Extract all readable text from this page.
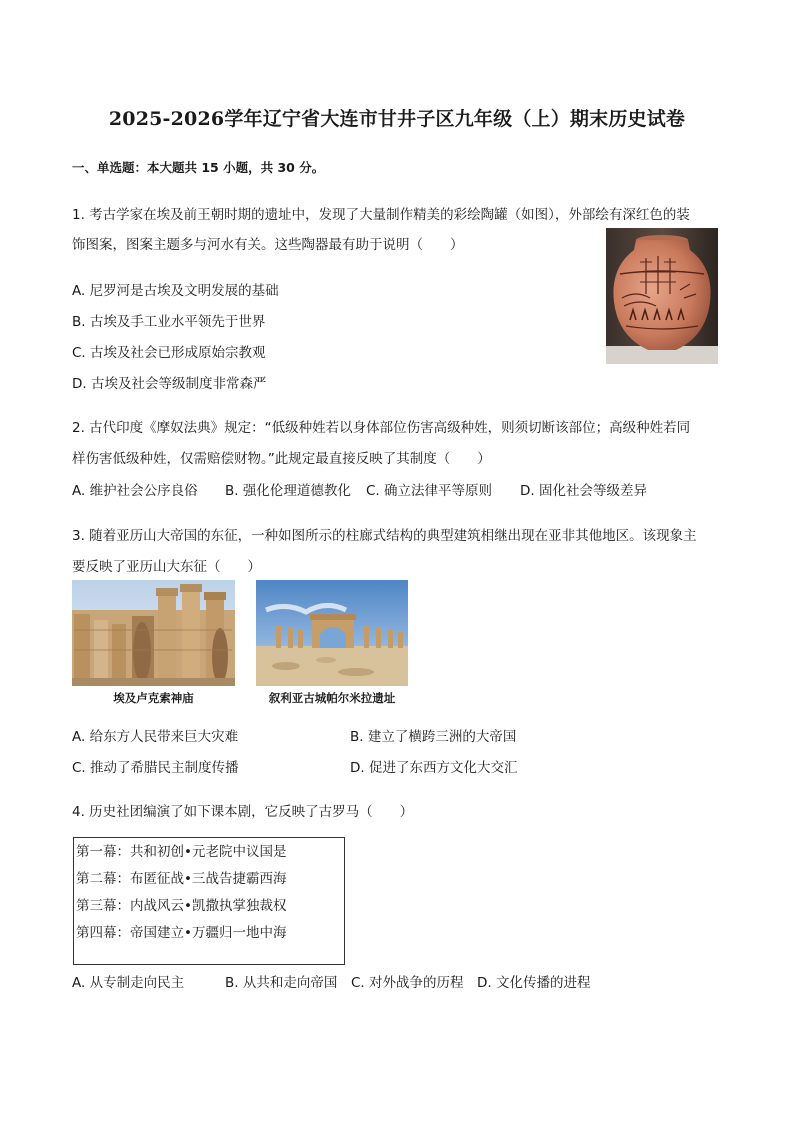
2025-2026学年辽宁省大连市甘井子区九年级（上）期末历史试卷
一、单选题：本大题共 15 小题，共 30 分。
1. 考古学家在埃及前王朝时期的遗址中，发现了大量制作精美的彩绘陶罐（如图），外部绘有深红色的装
饰图案，图案主题多与河水有关。这些陶器最有助于说明（　　）
A. 尼罗河是古埃及文明发展的基础
B. 古埃及手工业水平领先于世界
C. 古埃及社会已形成原始宗教观
D. 古埃及社会等级制度非常森严
2. 古代印度《摩奴法典》规定：“低级种姓若以身体部位伤害高级种姓，则须切断该部位；高级种姓若同
样伤害低级种姓，仅需赔偿财物。”此规定最直接反映了其制度（　　）
A. 维护社会公序良俗 B. 强化伦理道德教化 C. 确立法律平等原则 D. 固化社会等级差异
3. 随着亚历山大帝国的东征，一种如图所示的柱廊式结构的典型建筑相继出现在亚非其他地区。该现象主
要反映了亚历山大东征（　　）
埃及卢克索神庙	叙利亚古城帕尔米拉遗址
A. 给东方人民带来巨大灾难	B. 建立了横跨三洲的大帝国
C. 推动了希腊民主制度传播	D. 促进了东西方文化大交汇
4. 历史社团编演了如下课本剧，它反映了古罗马（　　）
第一幕：共和初创•元老院中议国是
第二幕：布匿征战•三战告捷霸西海
第三幕：内战风云•凯撒执掌独裁权
第四幕：帝国建立•万疆归一地中海
A. 从专制走向民主	B. 从共和走向帝国 C. 对外战争的历程 D. 文化传播的进程
